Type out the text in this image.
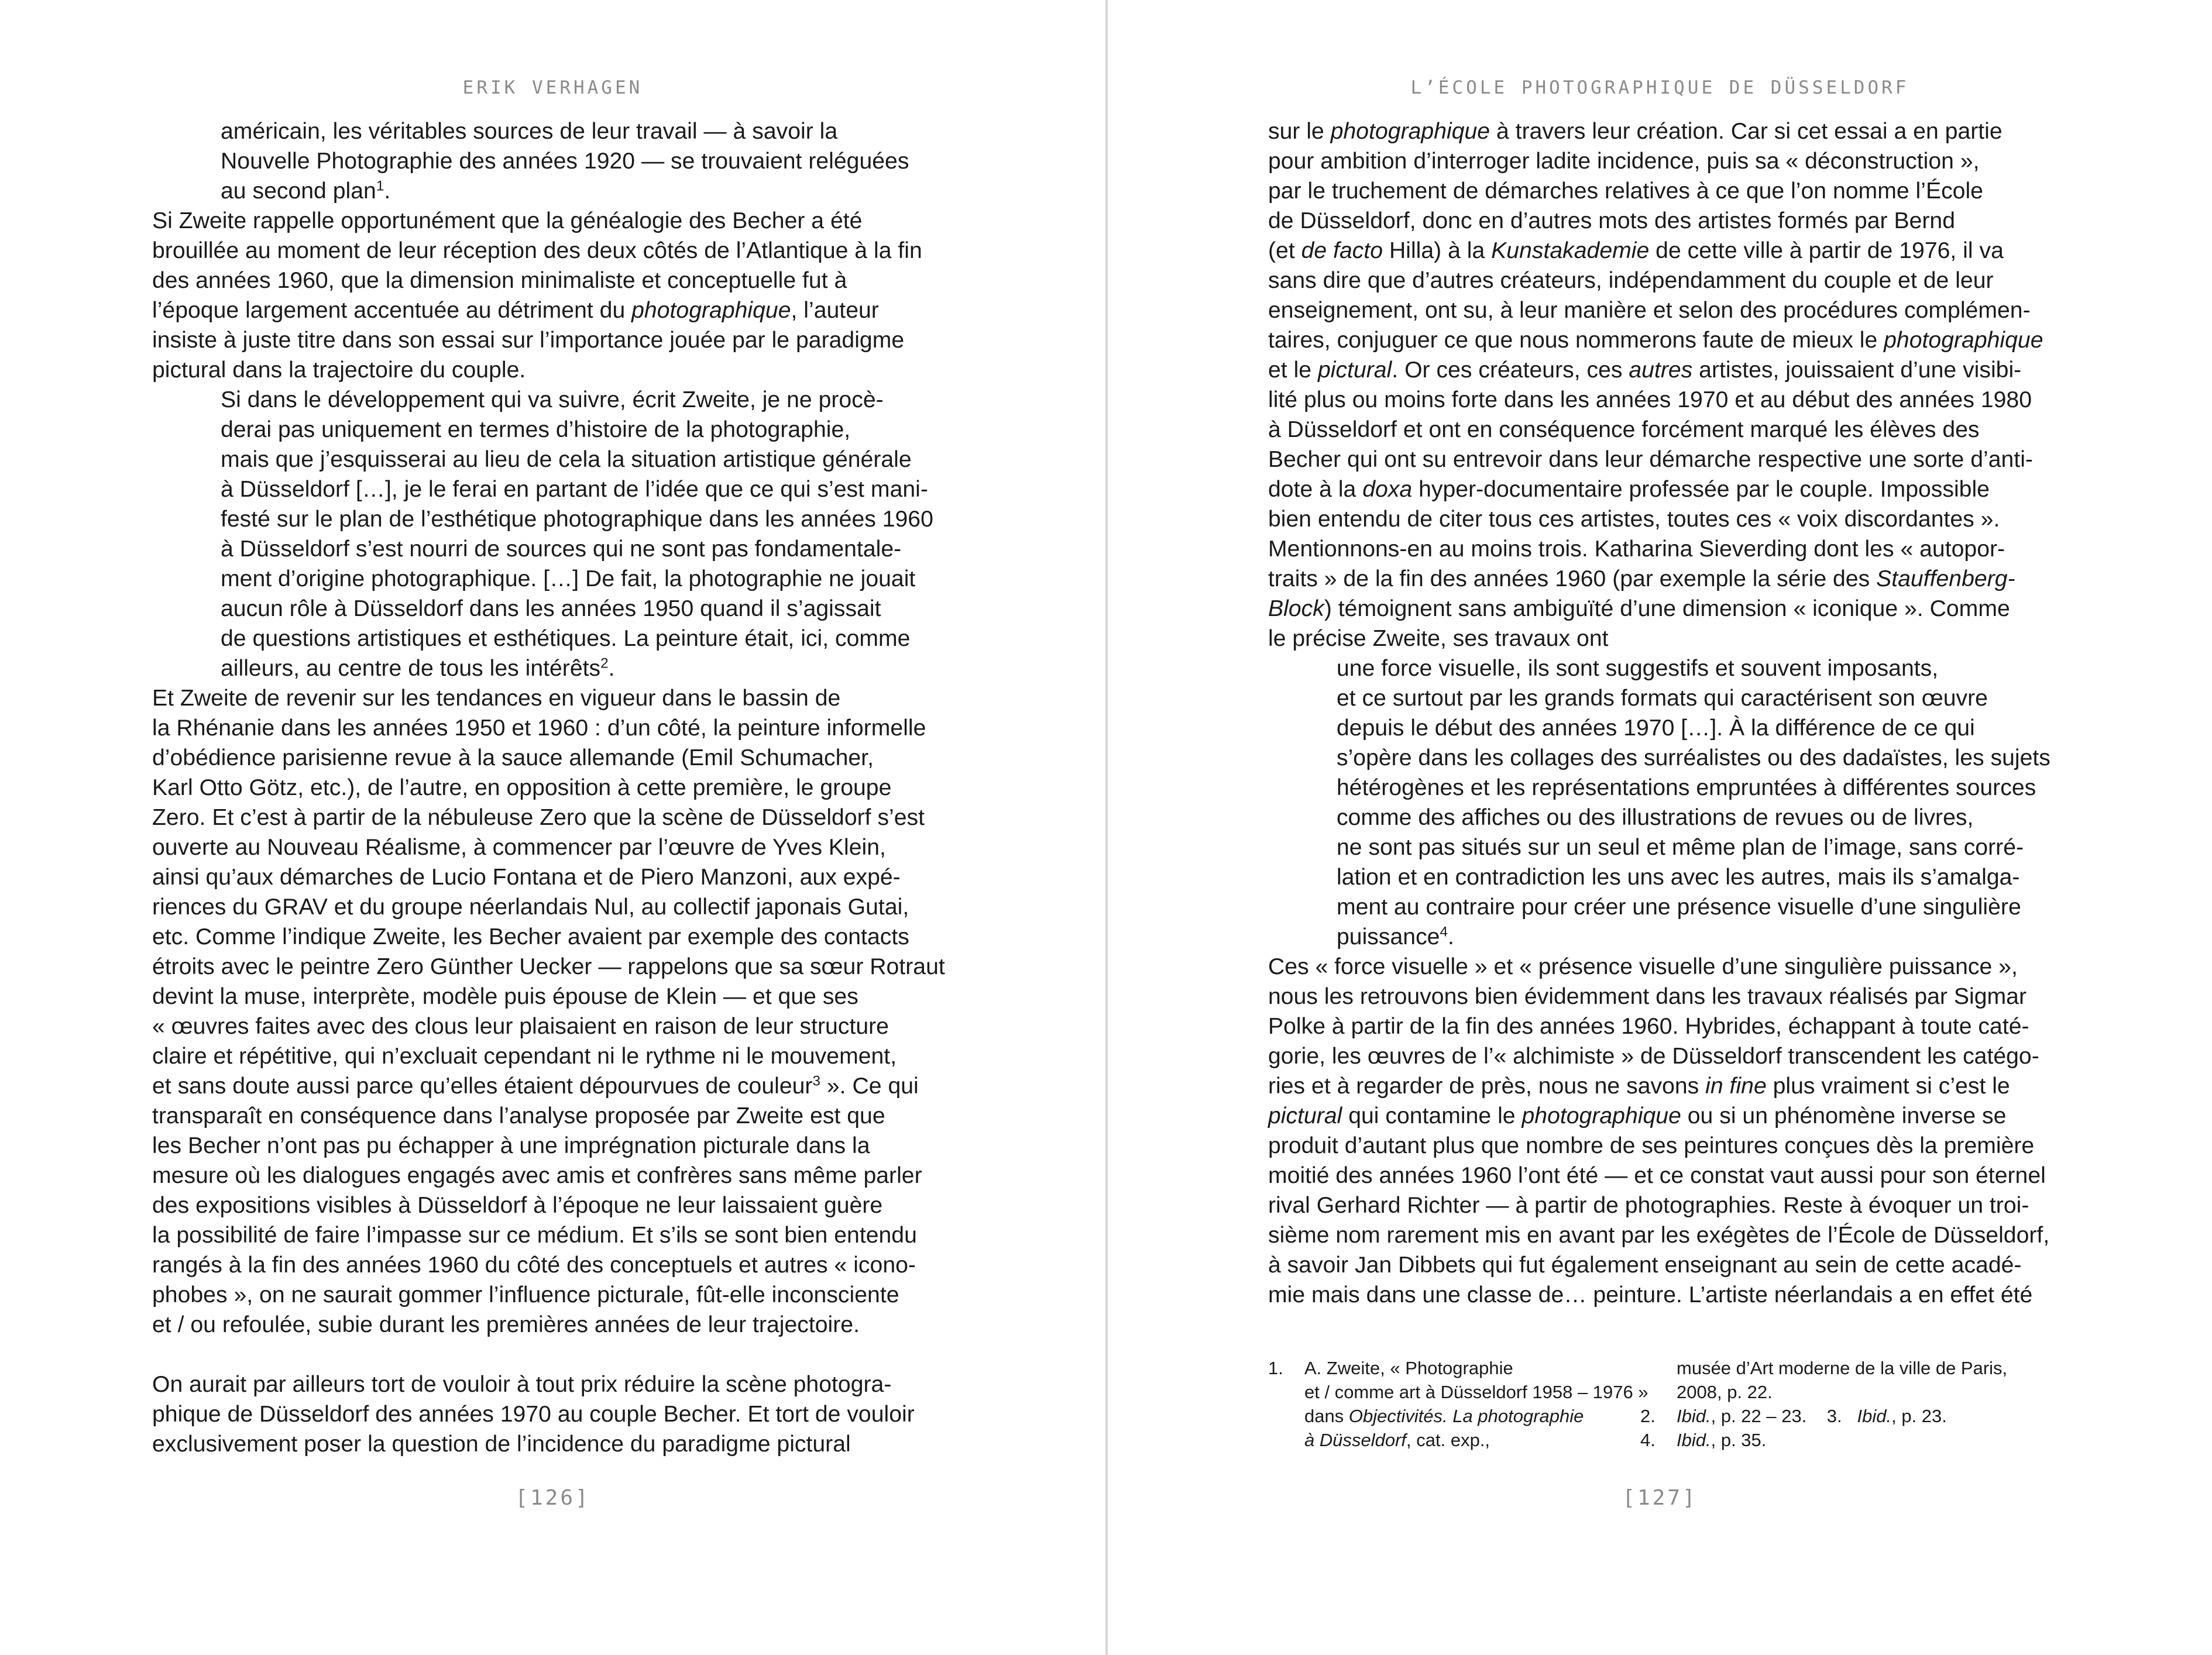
ERIK VERHAGEN

américain, les véritables sources de leur travail — à savoir la
Nouvelle Photographie des années 1920 — se trouvaient reléguées
au second plan$^1$.

Si Zweite rappelle opportunément que la généalogie des Becher a été
brouillée au moment de leur réception des deux côtés de l’Atlantique à la fin
des années 1960, que la dimension minimaliste et conceptuelle fut à
l’époque largement accentuée au détriment du photographique, l’auteur
insiste à juste titre dans son essai sur l’importance jouée par le paradigme
pictural dans la trajectoire du couple.

Si dans le développement qui va suivre, écrit Zweite, je ne procè-
derai pas uniquement en termes d’histoire de la photographie,
mais que j’esquisserai au lieu de cela la situation artistique générale
à Düsseldorf […], je le ferai en partant de l’idée que ce qui s’est mani-
festé sur le plan de l’esthétique photographique dans les années 1960
à Düsseldorf s’est nourri de sources qui ne sont pas fondamentale-
ment d’origine photographique. […] De fait, la photographie ne jouait
aucun rôle à Düsseldorf dans les années 1950 quand il s’agissait
de questions artistiques et esthétiques. La peinture était, ici, comme
ailleurs, au centre de tous les intérêts$^2$.

Et Zweite de revenir sur les tendances en vigueur dans le bassin de
la Rhénanie dans les années 1950 et 1960 : d’un côté, la peinture informelle
d’obédience parisienne revue à la sauce allemande (Emil Schumacher,
Karl Otto Götz, etc.), de l’autre, en opposition à cette première, le groupe
Zero. Et c’est à partir de la nébuleuse Zero que la scène de Düsseldorf s’est
ouverte au Nouveau Réalisme, à commencer par l’œuvre de Yves Klein,
ainsi qu’aux démarches de Lucio Fontana et de Piero Manzoni, aux expé-
riences du GRAV et du groupe néerlandais Nul, au collectif japonais Gutai,
etc. Comme l’indique Zweite, les Becher avaient par exemple des contacts
étroits avec le peintre Zero Günther Uecker — rappelons que sa sœur Rotraut
devint la muse, interprète, modèle puis épouse de Klein — et que ses
« œuvres faites avec des clous leur plaisaient en raison de leur structure
claire et répétitive, qui n’excluait cependant ni le rythme ni le mouvement,
et sans doute aussi parce qu’elles étaient dépourvues de couleur$^3$ ». Ce qui
transparaît en conséquence dans l’analyse proposée par Zweite est que
les Becher n’ont pas pu échapper à une imprégnation picturale dans la
mesure où les dialogues engagés avec amis et confrères sans même parler
des expositions visibles à Düsseldorf à l’époque ne leur laissaient guère
la possibilité de faire l’impasse sur ce médium. Et s’ils se sont bien entendu
rangés à la fin des années 1960 du côté des conceptuels et autres « icono-
phobes », on ne saurait gommer l’influence picturale, fût-elle inconsciente
et / ou refoulée, subie durant les premières années de leur trajectoire.

On aurait par ailleurs tort de vouloir à tout prix réduire la scène photogra-
phique de Düsseldorf des années 1970 au couple Becher. Et tort de vouloir
exclusivement poser la question de l’incidence du paradigme pictural

[126]
L’ÉCOLE PHOTOGRAPHIQUE DE DÜSSELDORF

sur le photographique à travers leur création. Car si cet essai a en partie
pour ambition d’interroger ladite incidence, puis sa « déconstruction »,
par le truchement de démarches relatives à ce que l’on nomme l’École
de Düsseldorf, donc en d’autres mots des artistes formés par Bernd
(et de facto Hilla) à la Kunstakademie de cette ville à partir de 1976, il va
sans dire que d’autres créateurs, indépendamment du couple et de leur
enseignement, ont su, à leur manière et selon des procédures complémen-
taires, conjuguer ce que nous nommerons faute de mieux le photographique
et le pictural. Or ces créateurs, ces autres artistes, jouissaient d’une visibi-
lité plus ou moins forte dans les années 1970 et au début des années 1980
à Düsseldorf et ont en conséquence forcément marqué les élèves des
Becher qui ont su entrevoir dans leur démarche respective une sorte d’anti-
dote à la doxa hyper-documentaire professée par le couple. Impossible
bien entendu de citer tous ces artistes, toutes ces « voix discordantes ».
Mentionnons-en au moins trois. Katharina Sieverding dont les « autopor-
traits » de la fin des années 1960 (par exemple la série des Stauffenberg-
Block) témoignent sans ambiguïté d’une dimension « iconique ». Comme
le précise Zweite, ses travaux ont

une force visuelle, ils sont suggestifs et souvent imposants,
et ce surtout par les grands formats qui caractérisent son œuvre
depuis le début des années 1970 […]. À la différence de ce qui
s’opère dans les collages des surréalistes ou des dadaïstes, les sujets
hétérogènes et les représentations empruntées à différentes sources
comme des affiches ou des illustrations de revues ou de livres,
ne sont pas situés sur un seul et même plan de l’image, sans corré-
lation et en contradiction les uns avec les autres, mais ils s’amalga-
ment au contraire pour créer une présence visuelle d’une singulière
puissance$^4$.

Ces « force visuelle » et « présence visuelle d’une singulière puissance »,
nous les retrouvons bien évidemment dans les travaux réalisés par Sigmar
Polke à partir de la fin des années 1960. Hybrides, échappant à toute caté-
gorie, les œuvres de l’« alchimiste » de Düsseldorf transcendent les catégo-
ries et à regarder de près, nous ne savons in fine plus vraiment si c’est le
pictural qui contamine le photographique ou si un phénomène inverse se
produit d’autant plus que nombre de ses peintures conçues dès la première
moitié des années 1960 l’ont été — et ce constat vaut aussi pour son éternel
rival Gerhard Richter — à partir de photographies. Reste à évoquer un troi-
sième nom rarement mis en avant par les exégètes de l’École de Düsseldorf,
à savoir Jan Dibbets qui fut également enseignant au sein de cette acadé-
mie mais dans une classe de… peinture. L’artiste néerlandais a en effet été

1.	A. Zweite, « Photographie
et / comme art à Düsseldorf 1958 – 1976 »
dans Objectivités. La photographie
à Düsseldorf, cat. exp.,
musée d’Art moderne de la ville de Paris,
2008, p. 22.
2.	Ibid., p. 22 – 23.    3.   Ibid., p. 23.
4.	Ibid., p. 35.
[127]
